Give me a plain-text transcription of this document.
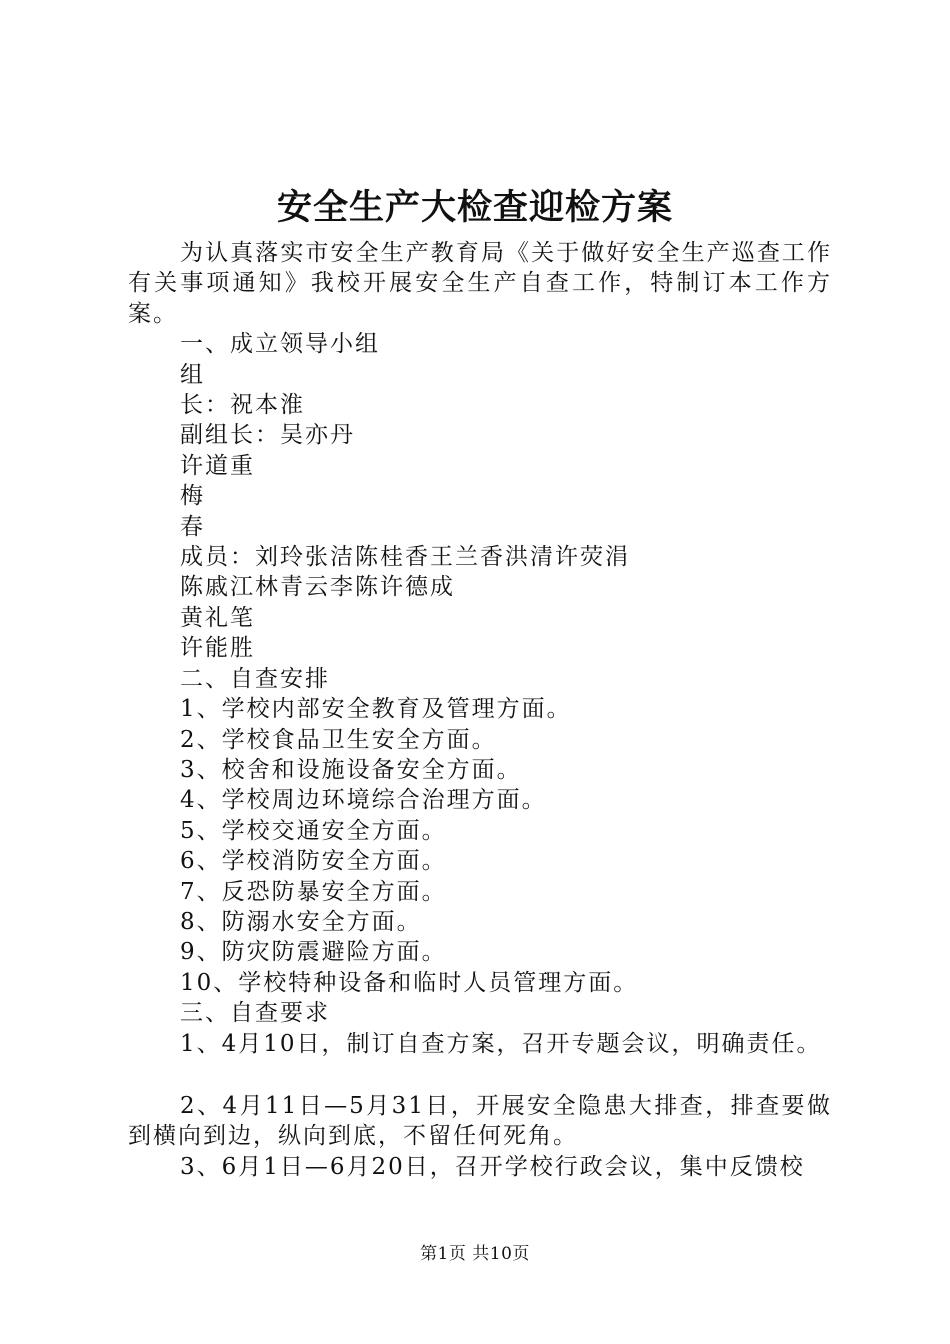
安全生产大检查迎检方案

为认真落实市安全生产教育局《关于做好安全生产巡查工作有关事项通知》我校开展安全生产自查工作，特制订本工作方案。

一、成立领导小组

组

长：祝本淮

副组长：吴亦丹

许道重

梅

春

成员：刘玲张洁陈桂香王兰香洪清许荧涓

陈戚江林青云李陈许德成

黄礼笔

许能胜

二、自查安排

1、学校内部安全教育及管理方面。

2、学校食品卫生安全方面。

3、校舍和设施设备安全方面。

4、学校周边环境综合治理方面。

5、学校交通安全方面。

6、学校消防安全方面。

7、反恐防暴安全方面。

8、防溺水安全方面。

9、防灾防震避险方面。

10、学校特种设备和临时人员管理方面。

三、自查要求

1、4月10日，制订自查方案，召开专题会议，明确责任。

2、4月11日—5月31日，开展安全隐患大排查，排查要做到横向到边，纵向到底，不留任何死角。

3、6月1日—6月20日，召开学校行政会议，集中反馈校

第1页 共10页
